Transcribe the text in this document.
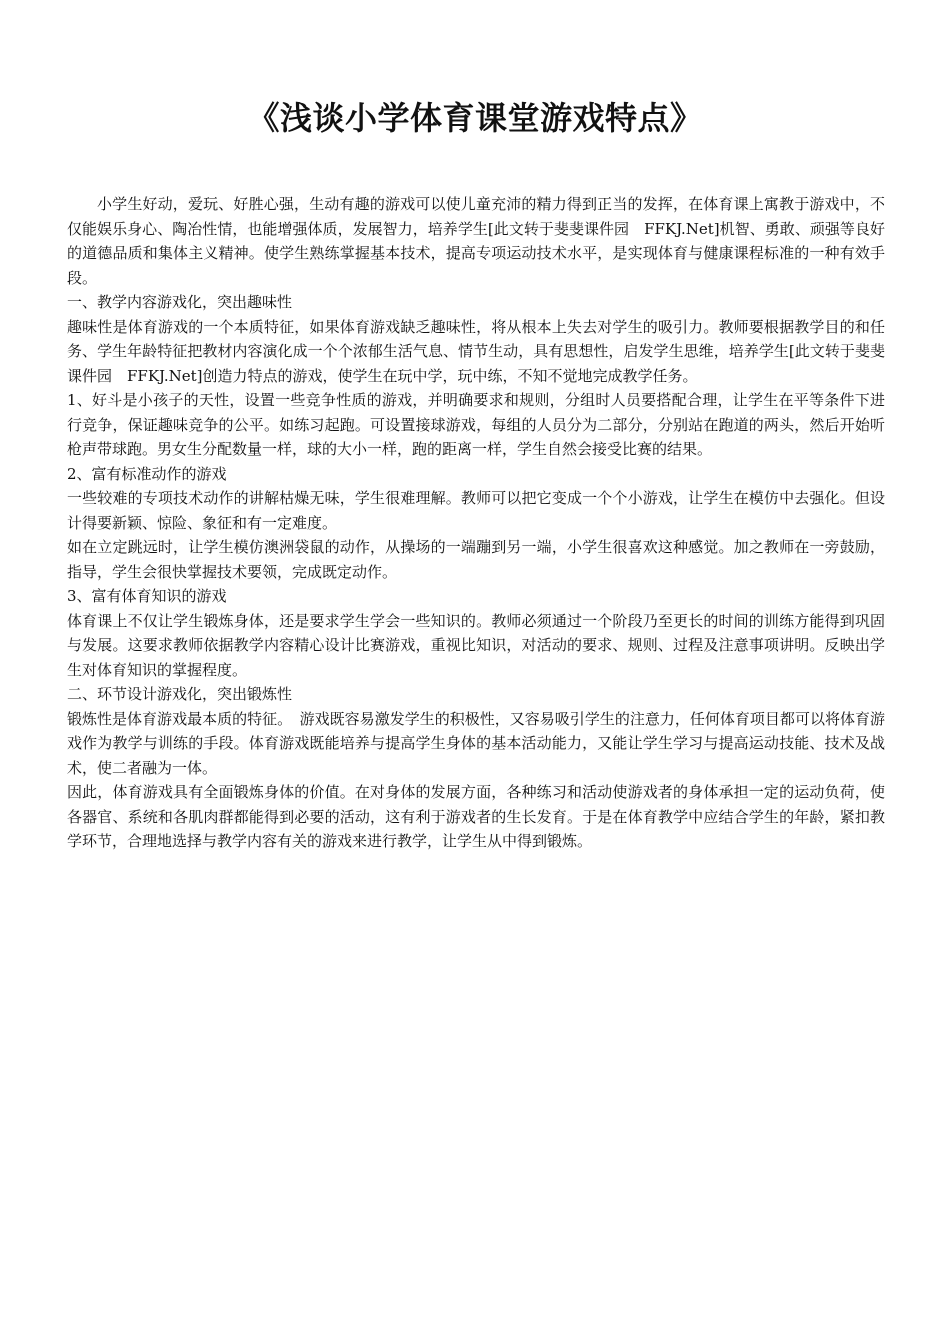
《浅谈小学体育课堂游戏特点》

小学生好动，爱玩、好胜心强，生动有趣的游戏可以使儿童充沛的精力得到正当的发挥，在体育课上寓教于游戏中，不仅能娱乐身心、陶冶性情，也能增强体质，发展智力，培养学生[此文转于斐斐课件园　FFKJ.Net]机智、勇敢、顽强等良好的道德品质和集体主义精神。使学生熟练掌握基本技术，提高专项运动技术水平，是实现体育与健康课程标准的一种有效手段。

一、教学内容游戏化，突出趣味性

趣味性是体育游戏的一个本质特征，如果体育游戏缺乏趣味性，将从根本上失去对学生的吸引力。教师要根据教学目的和任务、学生年龄特征把教材内容演化成一个个浓郁生活气息、情节生动，具有思想性，启发学生思维，培养学生[此文转于斐斐课件园　FFKJ.Net]创造力特点的游戏，使学生在玩中学，玩中练，不知不觉地完成教学任务。

1、好斗是小孩子的天性，设置一些竞争性质的游戏，并明确要求和规则，分组时人员要搭配合理，让学生在平等条件下进行竞争，保证趣味竞争的公平。如练习起跑。可设置接球游戏，每组的人员分为二部分，分别站在跑道的两头，然后开始听枪声带球跑。男女生分配数量一样，球的大小一样，跑的距离一样，学生自然会接受比赛的结果。

2、富有标准动作的游戏

一些较难的专项技术动作的讲解枯燥无味，学生很难理解。教师可以把它变成一个个小游戏，让学生在模仿中去强化。但设计得要新颖、惊险、象征和有一定难度。

如在立定跳远时，让学生模仿澳洲袋鼠的动作，从操场的一端蹦到另一端，小学生很喜欢这种感觉。加之教师在一旁鼓励，指导，学生会很快掌握技术要领，完成既定动作。

3、富有体育知识的游戏

体育课上不仅让学生锻炼身体，还是要求学生学会一些知识的。教师必须通过一个阶段乃至更长的时间的训练方能得到巩固与发展。这要求教师依据教学内容精心设计比赛游戏，重视比知识，对活动的要求、规则、过程及注意事项讲明。反映出学生对体育知识的掌握程度。

二、环节设计游戏化，突出锻炼性

锻炼性是体育游戏最本质的特征。　游戏既容易激发学生的积极性，又容易吸引学生的注意力，任何体育项目都可以将体育游戏作为教学与训练的手段。体育游戏既能培养与提高学生身体的基本活动能力，又能让学生学习与提高运动技能、技术及战术，使二者融为一体。

因此，体育游戏具有全面锻炼身体的价值。在对身体的发展方面，各种练习和活动使游戏者的身体承担一定的运动负荷，使各器官、系统和各肌肉群都能得到必要的活动，这有利于游戏者的生长发育。于是在体育教学中应结合学生的年龄，紧扣教学环节，合理地选择与教学内容有关的游戏来进行教学，让学生从中得到锻炼。
